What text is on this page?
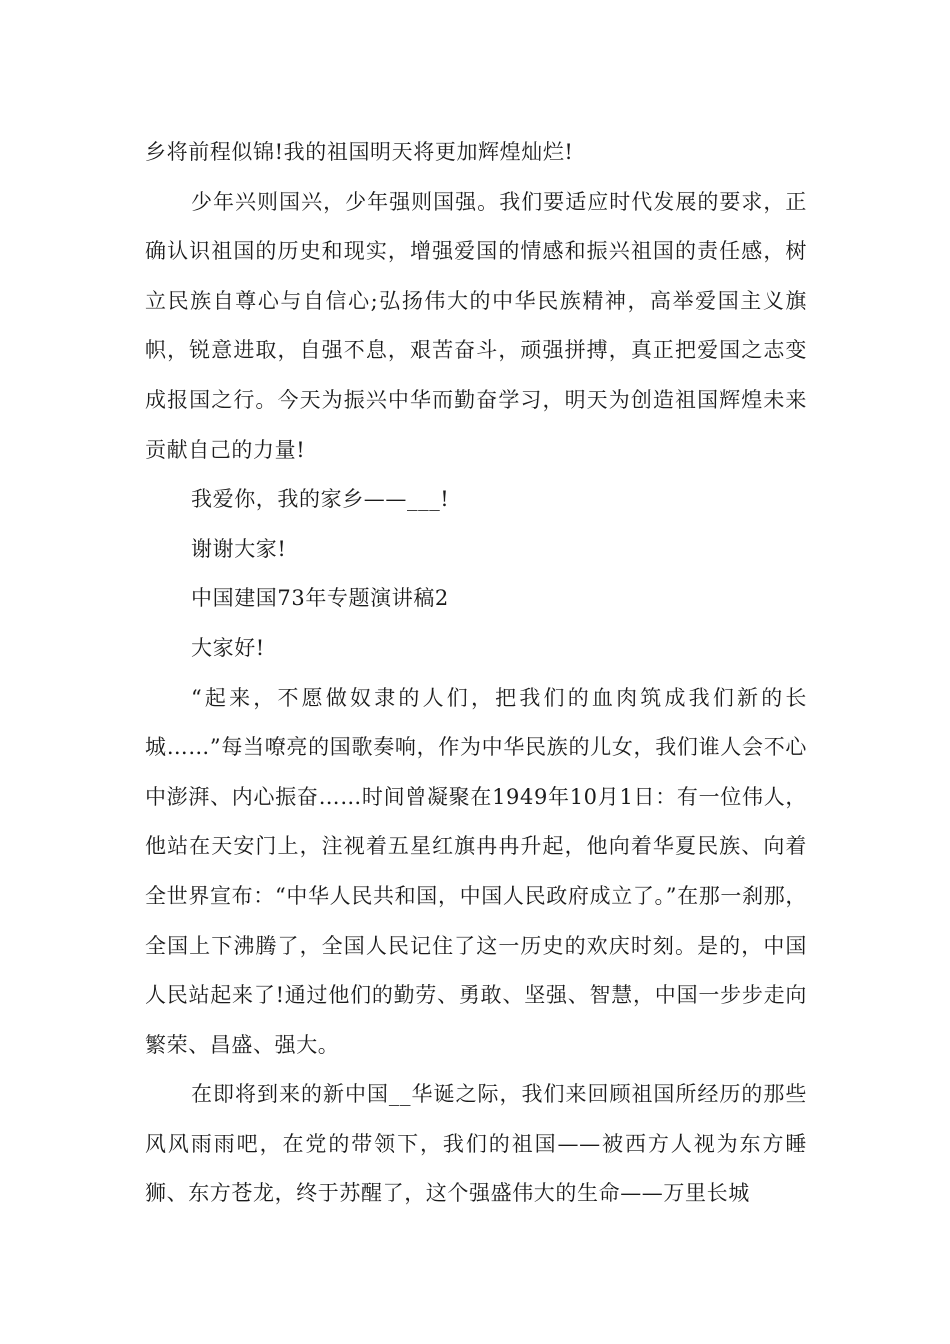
乡将前程似锦!我的祖国明天将更加辉煌灿烂!

少年兴则国兴，少年强则国强。我们要适应时代发展的要求，正确认识祖国的历史和现实，增强爱国的情感和振兴祖国的责任感，树立民族自尊心与自信心;弘扬伟大的中华民族精神，高举爱国主义旗帜，锐意进取，自强不息，艰苦奋斗，顽强拼搏，真正把爱国之志变成报国之行。今天为振兴中华而勤奋学习，明天为创造祖国辉煌未来贡献自己的力量!

我爱你，我的家乡——___!

谢谢大家!

中国建国73年专题演讲稿2

大家好!

“起来，不愿做奴隶的人们，把我们的血肉筑成我们新的长城……”每当嘹亮的国歌奏响，作为中华民族的儿女，我们谁人会不心中澎湃、内心振奋……时间曾凝聚在1949年10月1日：有一位伟人，他站在天安门上，注视着五星红旗冉冉升起，他向着华夏民族、向着全世界宣布：“中华人民共和国，中国人民政府成立了。”在那一刹那，全国上下沸腾了，全国人民记住了这一历史的欢庆时刻。是的，中国人民站起来了!通过他们的勤劳、勇敢、坚强、智慧，中国一步步走向繁荣、昌盛、强大。

在即将到来的新中国__华诞之际，我们来回顾祖国所经历的那些风风雨雨吧，在党的带领下，我们的祖国——被西方人视为东方睡狮、东方苍龙，终于苏醒了，这个强盛伟大的生命——万里长城
